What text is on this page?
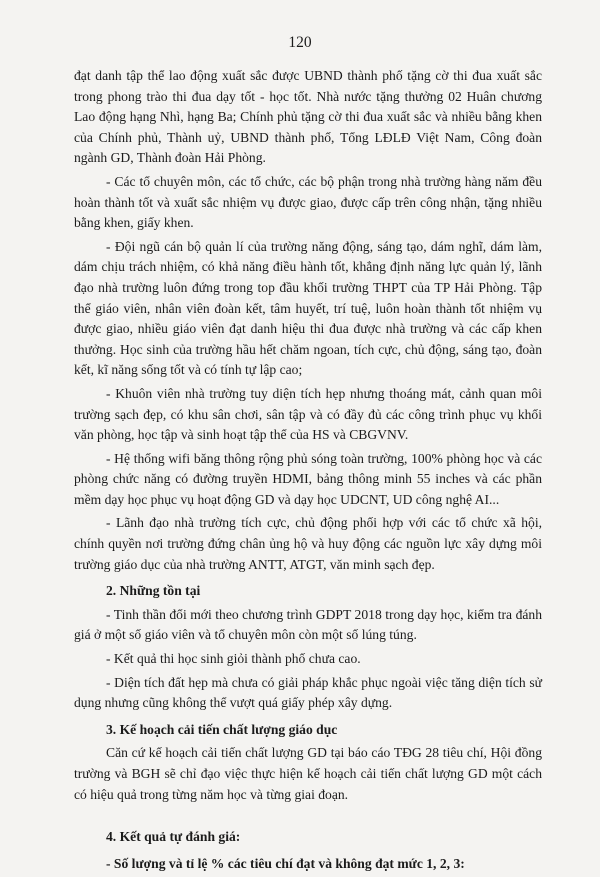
120

đạt danh tập thể lao động xuất sắc được UBND thành phố tặng cờ thi đua xuất sắc trong phong trào thi đua dạy tốt - học tốt. Nhà nước tặng thưởng 02 Huân chương Lao động hạng Nhì, hạng Ba; Chính phủ tặng cờ thi đua xuất sắc và nhiều bằng khen của Chính phủ, Thành uỷ, UBND thành phố, Tổng LĐLĐ Việt Nam, Công đoàn ngành GD, Thành đoàn Hải Phòng.

- Các tổ chuyên môn, các tổ chức, các bộ phận trong nhà trường hàng năm đều hoàn thành tốt và xuất sắc nhiệm vụ được giao, được cấp trên công nhận, tặng nhiều bằng khen, giấy khen.

- Đội ngũ cán bộ quản lí của trường năng động, sáng tạo, dám nghĩ, dám làm, dám chịu trách nhiệm, có khả năng điều hành tốt, khẳng định năng lực quản lý, lãnh đạo nhà trường luôn đứng trong top đầu khối trường THPT của TP Hải Phòng. Tập thể giáo viên, nhân viên đoàn kết, tâm huyết, trí tuệ, luôn hoàn thành tốt nhiệm vụ được giao, nhiều giáo viên đạt danh hiệu thi đua được nhà trường và các cấp khen thưởng. Học sinh của trường hầu hết chăm ngoan, tích cực, chủ động, sáng tạo, đoàn kết, kĩ năng sống tốt và có tính tự lập cao;

- Khuôn viên nhà trường tuy diện tích hẹp nhưng thoáng mát, cảnh quan môi trường sạch đẹp, có khu sân chơi, sân tập và có đầy đủ các công trình phục vụ khối văn phòng, học tập và sinh hoạt tập thể của HS và CBGVNV.

- Hệ thống wifi băng thông rộng phủ sóng toàn trường, 100% phòng học và các phòng chức năng có đường truyền HDMI, bảng thông minh 55 inches và các phần mềm dạy học phục vụ hoạt động GD và dạy học UDCNT, UD công nghệ AI...

- Lãnh đạo nhà trường tích cực, chủ động phối hợp với các tổ chức xã hội, chính quyền nơi trường đứng chân ủng hộ và huy động các nguồn lực xây dựng môi trường giáo dục của nhà trường ANTT, ATGT, văn minh sạch đẹp.

2. Những tồn tại

- Tinh thần đổi mới theo chương trình GDPT 2018 trong dạy học, kiểm tra đánh giá ở một số giáo viên và tổ chuyên môn còn một số lúng túng.

- Kết quả thi học sinh giỏi thành phố chưa cao.

- Diện tích đất hẹp mà chưa có giải pháp khắc phục ngoài việc tăng diện tích sử dụng nhưng cũng không thể vượt quá giấy phép xây dựng.

3. Kế hoạch cải tiến chất lượng giáo dục

Căn cứ kế hoạch cải tiến chất lượng GD tại báo cáo TĐG 28 tiêu chí, Hội đồng trường và BGH sẽ chỉ đạo việc thực hiện kế hoạch cải tiến chất lượng GD một cách có hiệu quả trong từng năm học và từng giai đoạn.

4. Kết quả tự đánh giá:

- Số lượng và tỉ lệ % các tiêu chí đạt và không đạt mức 1, 2, 3:
